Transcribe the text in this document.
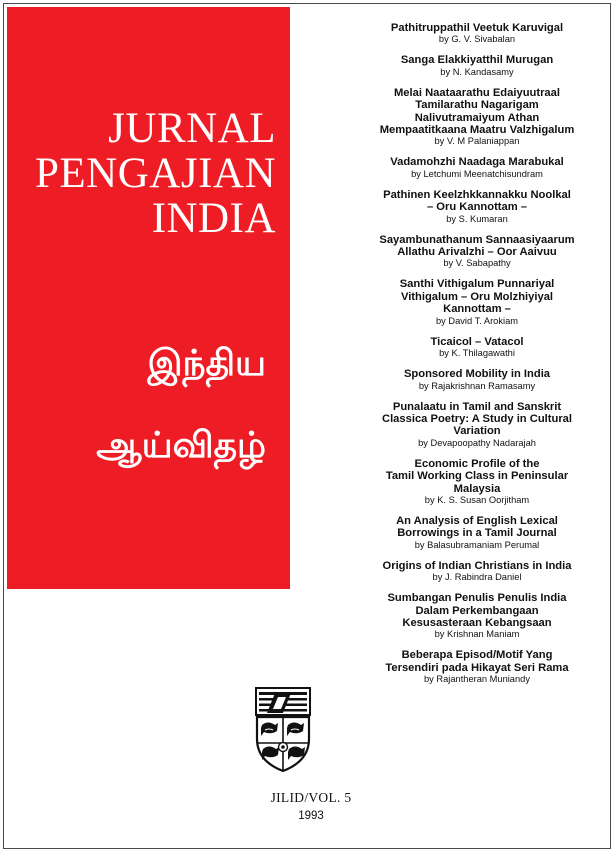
JURNAL
PENGAJIAN
INDIA
இந்திய
ஆய்விதழ்
Pathitruppathil Veetuk Karuvigal
by G. V. Sivabalan
Sanga Elakkiyatthil Murugan
by N. Kandasamy
Melai Naataarathu Edaiyuutraal
Tamilarathu Nagarigam
Nalivutramaiyum Athan
Mempaatitkaana Maatru Valzhigalum
by V. M Palaniappan
Vadamohzhi Naadaga Marabukal
by Letchumi Meenatchisundram
Pathinen Keelzhkkannakku Noolkal
– Oru Kannottam –
by S. Kumaran
Sayambunathanum Sannaasiyaarum
Allathu Arivalzhi – Oor Aaivuu
by V. Sabapathy
Santhi Vithigalum Punnariyal
Vithigalum – Oru Molzhiyiyal
Kannottam –
by David T. Arokiam
Ticaicol – Vatacol
by K. Thilagawathi
Sponsored Mobility in India
by Rajakrishnan Ramasamy
Punalaatu in Tamil and Sanskrit
Classica Poetry: A Study in Cultural
Variation
by Devapoopathy Nadarajah
Economic Profile of the
Tamil Working Class in Peninsular
Malaysia
by K. S. Susan Oorjitham
An Analysis of English Lexical
Borrowings in a Tamil Journal
by Balasubramaniam Perumal
Origins of Indian Christians in India
by J. Rabindra Daniel
Sumbangan Penulis Penulis India
Dalam Perkembangaan
Kesusasteraan Kebangsaan
by Krishnan Maniam
Beberapa Episod/Motif Yang
Tersendiri pada Hikayat Seri Rama
by Rajantheran Muniandy
JILID/VOL. 5
1993
